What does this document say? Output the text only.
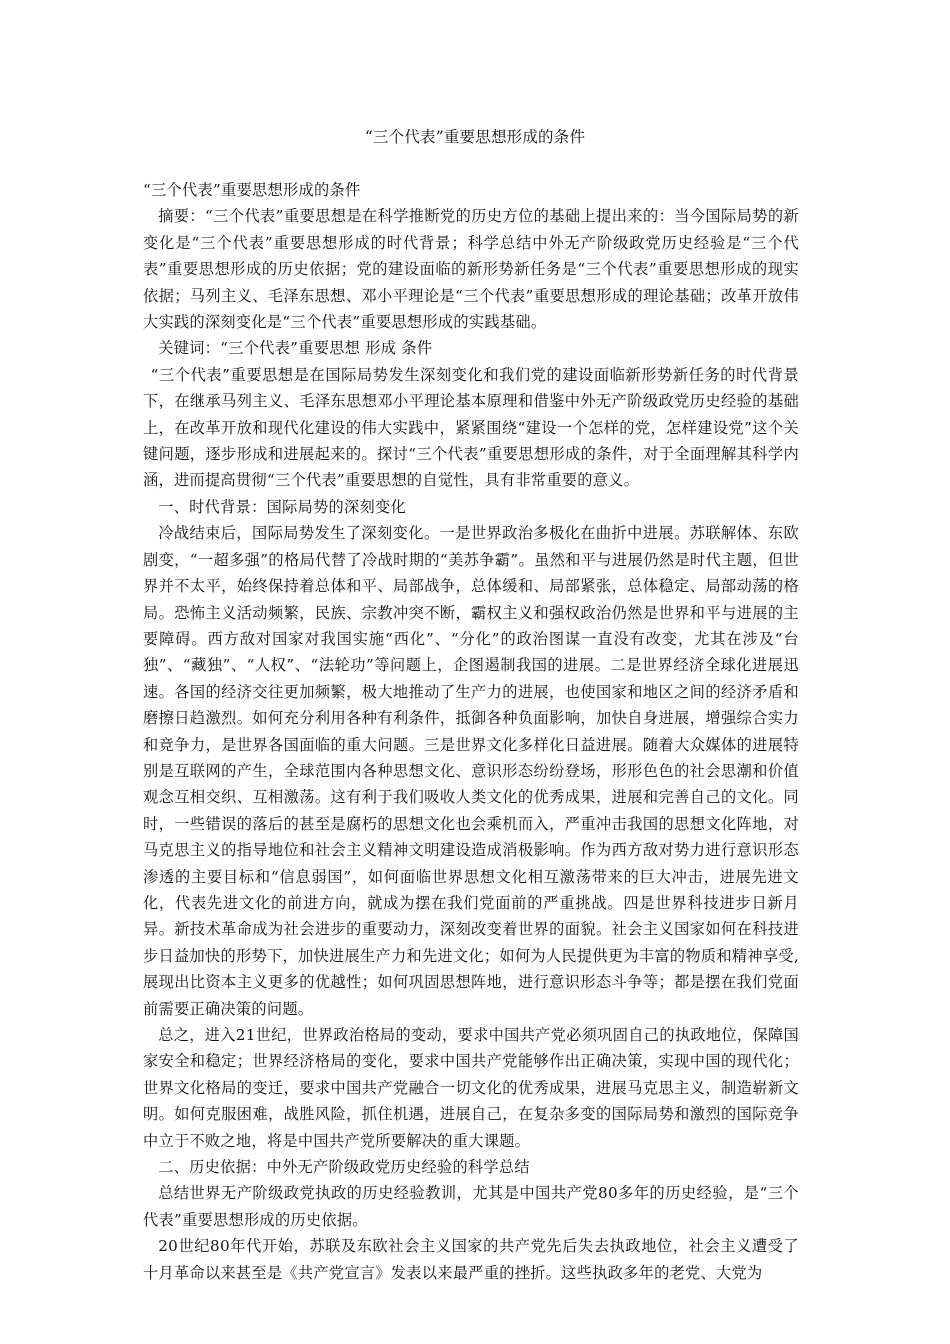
“三个代表”重要思想形成的条件

“三个代表”重要思想形成的条件

摘要：“三个代表”重要思想是在科学推断党的历史方位的基础上提出来的：当今国际局势的新变化是“三个代表”重要思想形成的时代背景；科学总结中外无产阶级政党历史经验是“三个代表”重要思想形成的历史依据；党的建设面临的新形势新任务是“三个代表”重要思想形成的现实依据；马列主义、毛泽东思想、邓小平理论是“三个代表”重要思想形成的理论基础；改革开放伟大实践的深刻变化是“三个代表”重要思想形成的实践基础。

关键词：“三个代表”重要思想 形成 条件

“三个代表”重要思想是在国际局势发生深刻变化和我们党的建设面临新形势新任务的时代背景下，在继承马列主义、毛泽东思想邓小平理论基本原理和借鉴中外无产阶级政党历史经验的基础上，在改革开放和现代化建设的伟大实践中，紧紧围绕“建设一个怎样的党，怎样建设党”这个关键问题，逐步形成和进展起来的。探讨“三个代表”重要思想形成的条件，对于全面理解其科学内涵，进而提高贯彻“三个代表”重要思想的自觉性，具有非常重要的意义。

一、时代背景：国际局势的深刻变化

冷战结束后，国际局势发生了深刻变化。一是世界政治多极化在曲折中进展。苏联解体、东欧剧变，“一超多强”的格局代替了冷战时期的“美苏争霸”。虽然和平与进展仍然是时代主题，但世界并不太平，始终保持着总体和平、局部战争，总体缓和、局部紧张，总体稳定、局部动荡的格局。恐怖主义活动频繁，民族、宗教冲突不断，霸权主义和强权政治仍然是世界和平与进展的主要障碍。西方敌对国家对我国实施“西化”、“分化”的政治图谋一直没有改变，尤其在涉及“台独”、“藏独”、“人权”、“法轮功”等问题上，企图遏制我国的进展。二是世界经济全球化进展迅速。各国的经济交往更加频繁，极大地推动了生产力的进展，也使国家和地区之间的经济矛盾和磨擦日趋激烈。如何充分利用各种有利条件，抵御各种负面影响，加快自身进展，增强综合实力和竞争力，是世界各国面临的重大问题。三是世界文化多样化日益进展。随着大众媒体的进展特别是互联网的产生，全球范围内各种思想文化、意识形态纷纷登场，形形色色的社会思潮和价值观念互相交织、互相激荡。这有利于我们吸收人类文化的优秀成果，进展和完善自己的文化。同时，一些错误的落后的甚至是腐朽的思想文化也会乘机而入，严重冲击我国的思想文化阵地，对马克思主义的指导地位和社会主义精神文明建设造成消极影响。作为西方敌对势力进行意识形态渗透的主要目标和“信息弱国”，如何面临世界思想文化相互激荡带来的巨大冲击，进展先进文化，代表先进文化的前进方向，就成为摆在我们党面前的严重挑战。四是世界科技进步日新月异。新技术革命成为社会进步的重要动力，深刻改变着世界的面貌。社会主义国家如何在科技进步日益加快的形势下，加快进展生产力和先进文化；如何为人民提供更为丰富的物质和精神享受,展现出比资本主义更多的优越性；如何巩固思想阵地，进行意识形态斗争等；都是摆在我们党面前需要正确决策的问题。

总之，进入21世纪，世界政治格局的变动，要求中国共产党必须巩固自己的执政地位，保障国家安全和稳定；世界经济格局的变化，要求中国共产党能够作出正确决策，实现中国的现代化；世界文化格局的变迁，要求中国共产党融合一切文化的优秀成果，进展马克思主义，制造崭新文明。如何克服困难，战胜风险，抓住机遇，进展自己，在复杂多变的国际局势和激烈的国际竞争中立于不败之地，将是中国共产党所要解决的重大课题。

二、历史依据：中外无产阶级政党历史经验的科学总结

总结世界无产阶级政党执政的历史经验教训，尤其是中国共产党80多年的历史经验，是“三个代表”重要思想形成的历史依据。

20世纪80年代开始，苏联及东欧社会主义国家的共产党先后失去执政地位，社会主义遭受了十月革命以来甚至是《共产党宣言》发表以来最严重的挫折。这些执政多年的老党、大党为
